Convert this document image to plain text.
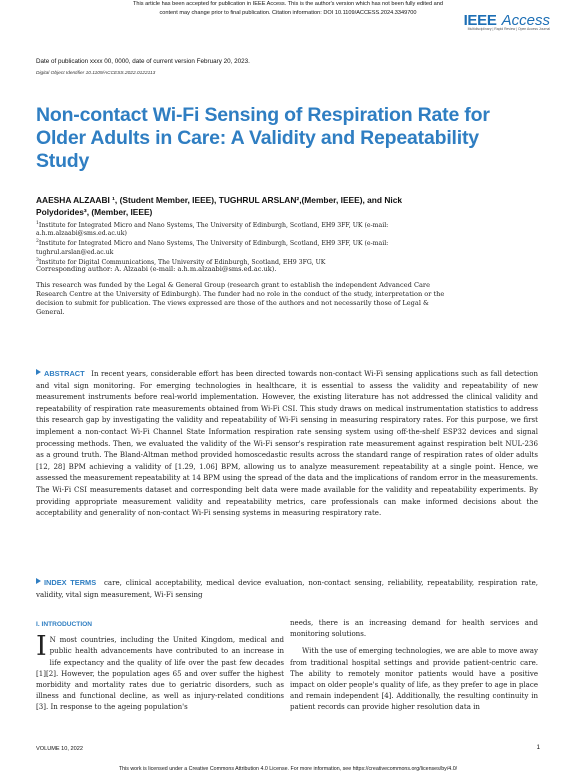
This article has been accepted for publication in IEEE Access. This is the author's version which has not been fully edited and
content may change prior to final publication. Citation information: DOI 10.1109/ACCESS.2024.3349700	IEEE Access
Multidisciplinary | Rapid Review | Open Access Journal
Date of publication xxxx 00, 0000, date of current version February 20, 2023.
Digital Object Identifier 10.1109/ACCESS.2022.0122113
Non-contact Wi-Fi Sensing of Respiration Rate for Older Adults in Care: A Validity and Repeatability Study
AAESHA ALZAABI ¹, (Student Member, IEEE), TUGHRUL ARSLAN²,(Member, IEEE), and Nick
Polydorides³, (Member, IEEE)
$^1$Institute for Integrated Micro and Nano Systems, The University of Edinburgh, Scotland, EH9 3FF, UK (e-mail:
a.h.m.alzaabi@sms.ed.ac.uk)
$^2$Institute for Integrated Micro and Nano Systems, The University of Edinburgh, Scotland, EH9 3FF, UK (e-mail:
tughrul.arslan@ed.ac.uk
$^3$Institute for Digital Communications, The University of Edinburgh, Scotland, EH9 3FG, UK
Corresponding author: A. Alzaabi (e-mail: a.h.m.alzaabi@sms.ed.ac.uk).
This research was funded by the Legal & General Group (research grant to establish the independent Advanced Care Research Centre at the University of Edinburgh). The funder had no role in the conduct of the study, interpretation or the decision to submit for publication. The views expressed are those of the authors and not necessarily those of Legal & General.
ABSTRACT In recent years, considerable effort has been directed towards non-contact Wi-Fi sensing applications such as fall detection and vital sign monitoring. For emerging technologies in healthcare, it is essential to assess the validity and repeatability of new measurement instruments before real-world implementation. However, the existing literature has not addressed the clinical validity and repeatability of respiration rate measurements obtained from Wi-Fi CSI. This study draws on medical instrumentation statistics to address this research gap by investigating the validity and repeatability of Wi-Fi sensing in measuring respiratory rates. For this purpose, we first implement a non-contact Wi-Fi Channel State Information respiration rate sensing system using off-the-shelf ESP32 devices and signal processing methods. Then, we evaluated the validity of the Wi-Fi sensor's respiration rate measurement against respiration belt NUL-236 as a ground truth. The Bland-Altman method provided homoscedastic results across the standard range of respiration rates of older adults [12, 28] BPM achieving a validity of [1.29, 1.06] BPM, allowing us to analyze measurement repeatability at a single point. Hence, we assessed the measurement repeatability at 14 BPM using the spread of the data and the implications of random error in the measurements. The Wi-Fi CSI measurements dataset and corresponding belt data were made available for the validity and repeatability experiments. By providing appropriate measurement validity and repeatability metrics, care professionals can make informed decisions about the acceptability and generality of non-contact Wi-Fi sensing systems in measuring respiratory rate.
INDEX TERMS care, clinical acceptability, medical device evaluation, non-contact sensing, reliability, repeatability, respiration rate, validity, vital sign measurement, Wi-Fi sensing
I. INTRODUCTION

I N most countries, including the United Kingdom, medical and public health advancements have contributed to an increase in life expectancy and the quality of life over the past few decades [1][2]. However, the population ages 65 and over suffer the highest morbidity and mortality rates due to geriatric disorders, such as illness and functional decline, as well as injury-related conditions [3]. In response to the ageing population's

needs, there is an increasing demand for health services and monitoring solutions.

With the use of emerging technologies, we are able to move away from traditional hospital settings and provide patient-centric care. The ability to remotely monitor patients would have a positive impact on older people's quality of life, as they prefer to age in place and remain independent [4]. Additionally, the resulting continuity in patient records can provide higher resolution data in

VOLUME 10, 2022	1
This work is licensed under a Creative Commons Attribution 4.0 License. For more information, see https://creativecommons.org/licenses/by/4.0/
